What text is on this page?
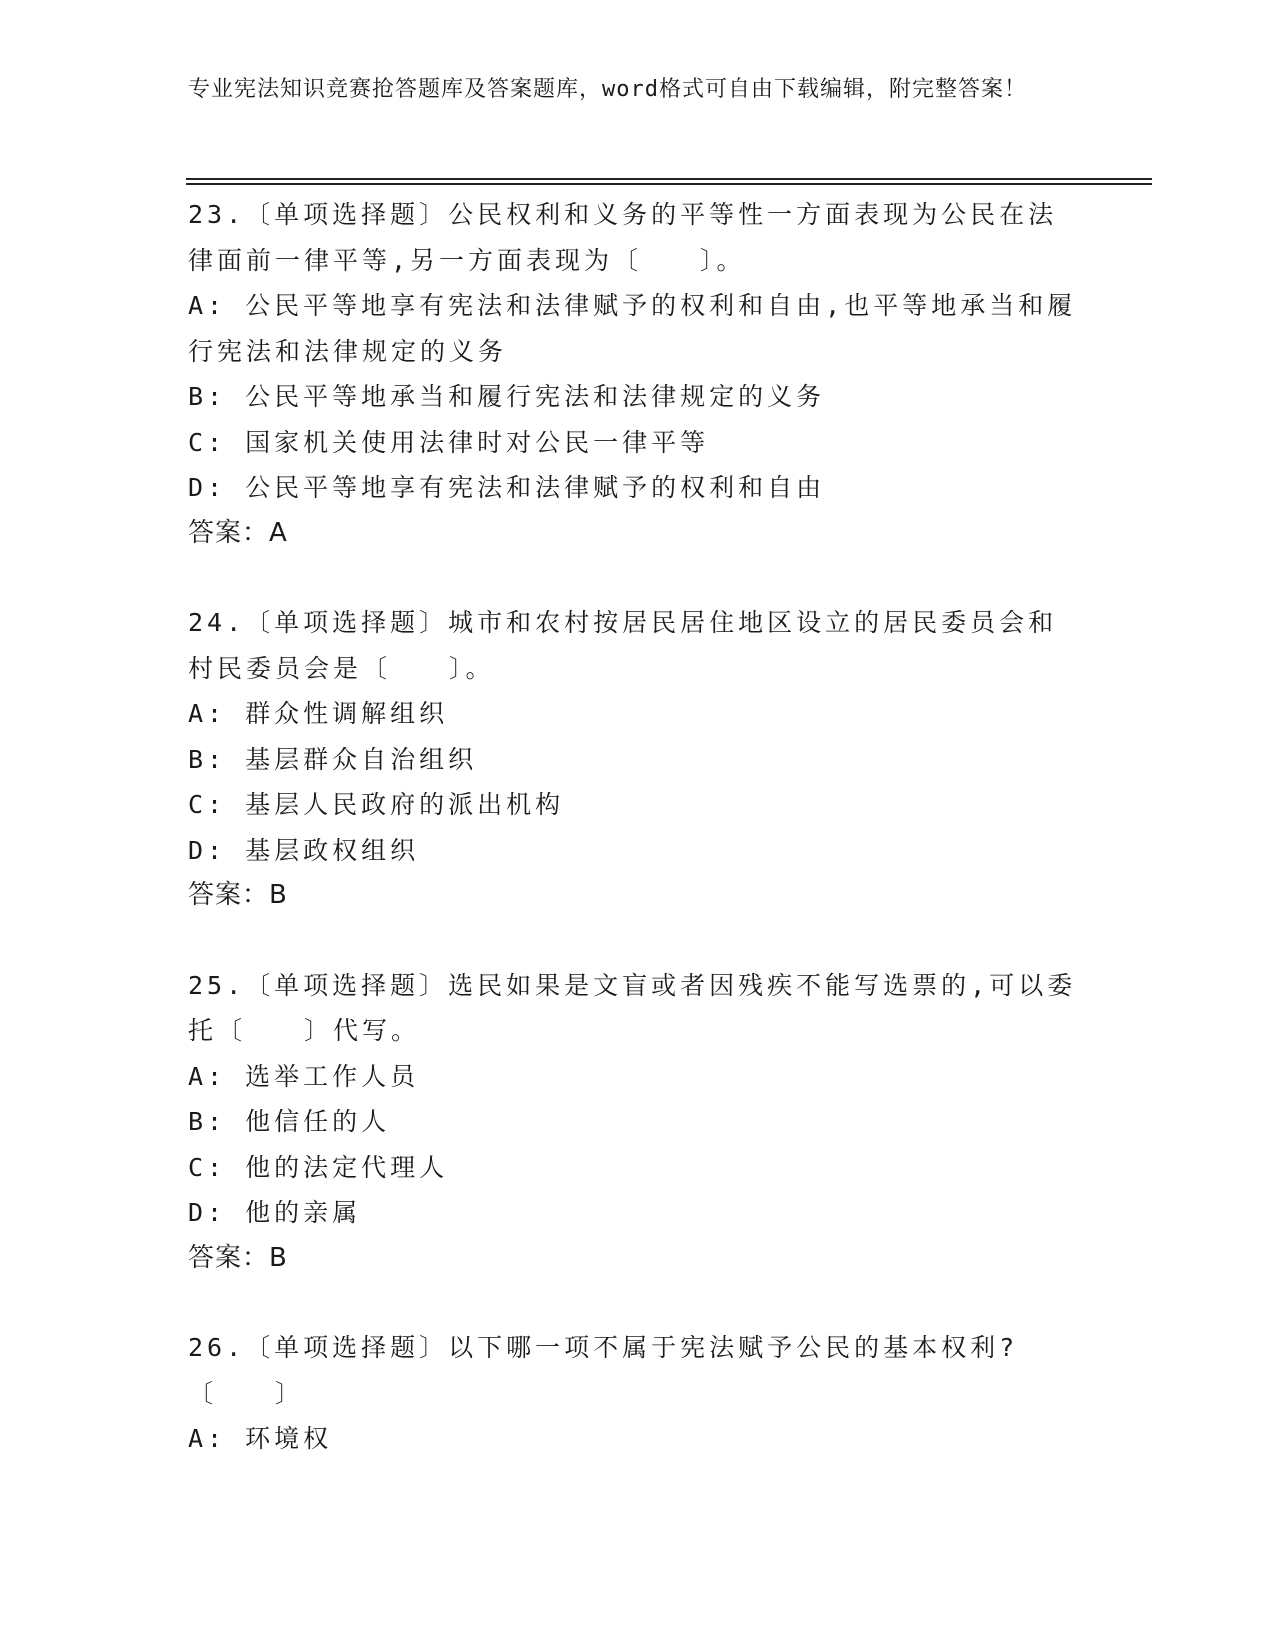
专业宪法知识竞赛抢答题库及答案题库，word格式可自由下载编辑，附完整答案！
23.〔单项选择题〕公民权利和义务的平等性一方面表现为公民在法律面前一律平等,另一方面表现为〔　　〕。
A: 公民平等地享有宪法和法律赋予的权利和自由,也平等地承当和履行宪法和法律规定的义务
B: 公民平等地承当和履行宪法和法律规定的义务
C: 国家机关使用法律时对公民一律平等
D: 公民平等地享有宪法和法律赋予的权利和自由
答案：A
24.〔单项选择题〕城市和农村按居民居住地区设立的居民委员会和村民委员会是〔　　〕。
A: 群众性调解组织
B: 基层群众自治组织
C: 基层人民政府的派出机构
D: 基层政权组织
答案：B
25.〔单项选择题〕选民如果是文盲或者因残疾不能写选票的,可以委托〔　　〕代写。
A: 选举工作人员
B: 他信任的人
C: 他的法定代理人
D: 他的亲属
答案：B
26.〔单项选择题〕以下哪一项不属于宪法赋予公民的基本权利?〔　　〕
A: 环境权
